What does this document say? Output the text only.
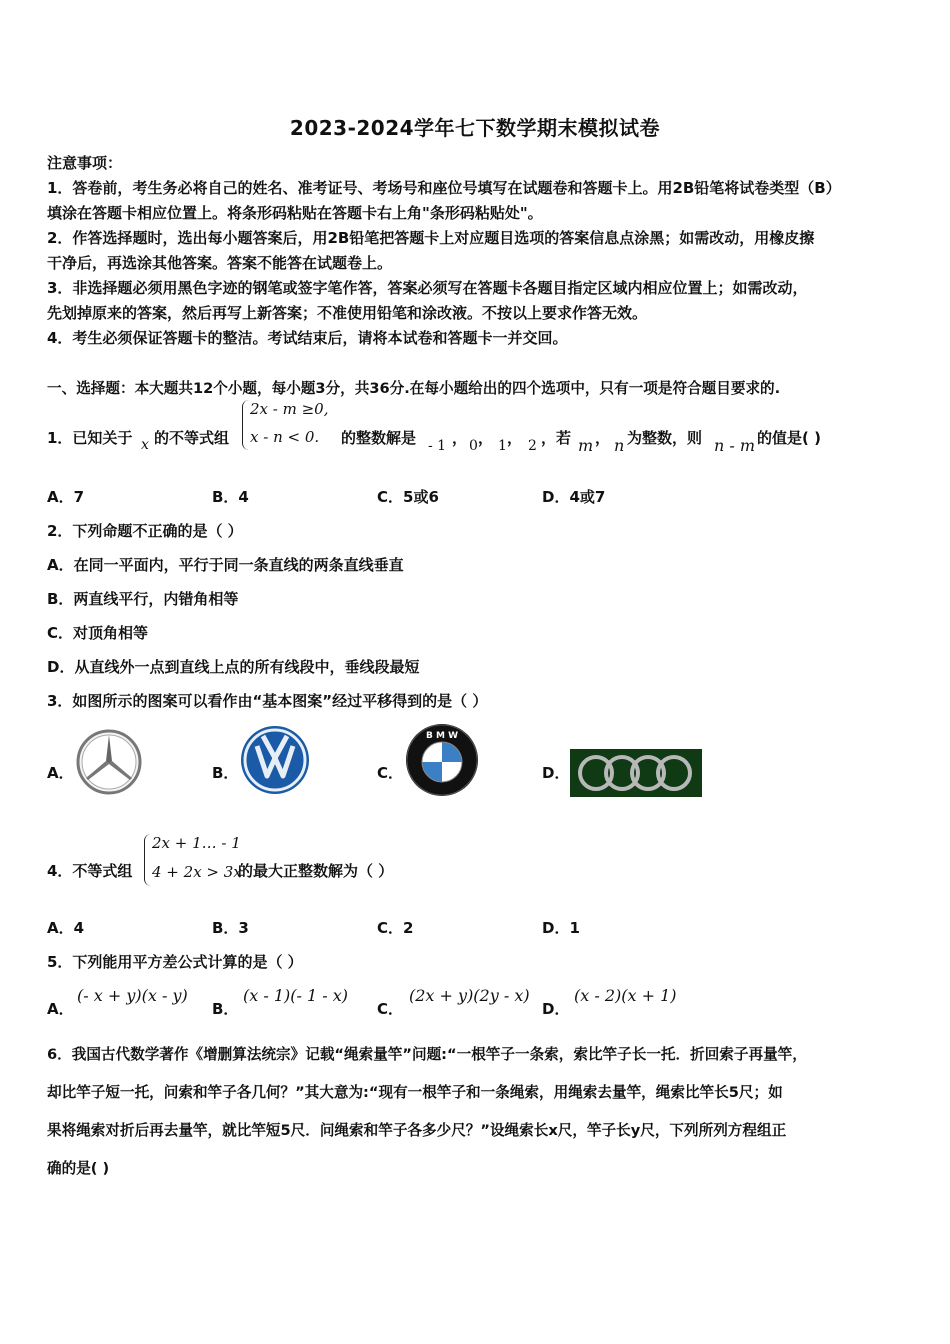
2023-2024学年七下数学期末模拟试卷
注意事项：
1．答卷前，考生务必将自己的姓名、准考证号、考场号和座位号填写在试题卷和答题卡上。用2B铅笔将试卷类型（B）
填涂在答题卡相应位置上。将条形码粘贴在答题卡右上角"条形码粘贴处"。
2．作答选择题时，选出每小题答案后，用2B铅笔把答题卡上对应题目选项的答案信息点涂黑；如需改动，用橡皮擦
干净后，再选涂其他答案。答案不能答在试题卷上。
3．非选择题必须用黑色字迹的钢笔或签字笔作答，答案必须写在答题卡各题目指定区域内相应位置上；如需改动，
先划掉原来的答案，然后再写上新答案；不准使用铅笔和涂改液。不按以上要求作答无效。
4．考生必须保证答题卡的整洁。考试结束后，请将本试卷和答题卡一并交回。
一、选择题：本大题共12个小题，每小题3分，共36分.在每小题给出的四个选项中，只有一项是符合题目要求的.
1．已知关于 x 的不等式组
2x - m ≥0,
x - n < 0. 的整数解是 - 1 ， 0 ， 1 ， 2 ，若 m ， n 为整数，则 n - m 的值是( )
A．7	B．4	C．5或6	D．4或7
2．下列命题不正确的是（ ）
A．在同一平面内，平行于同一条直线的两条直线垂直
B．两直线平行，内错角相等
C．对顶角相等
D．从直线外一点到直线上点的所有线段中，垂线段最短
3．如图所示的图案可以看作由“基本图案”经过平移得到的是（ ）
A．	B．	C．
B M W
D．
4．不等式组
2x + 1… - 1
4 + 2x > 3x
的最大正整数解为（ ）
A．4	B．3	C．2	D．1
5．下列能用平方差公式计算的是（ ）
A．
(- x + y)(x - y)
B．
(x - 1)(- 1 - x)
C．
(2x + y)(2y - x)
D．
(x - 2)(x + 1)
6．我国古代数学著作《增删算法统宗》记载“绳索量竿”问题:“一根竿子一条索，索比竿子长一托．折回索子再量竿，
却比竿子短一托，问索和竿子各几何？”其大意为:“现有一根竿子和一条绳索，用绳索去量竿，绳索比竿长5尺；如
果将绳索对折后再去量竿，就比竿短5尺．问绳索和竿子各多少尺？”设绳索长x尺，竿子长y尺，下列所列方程组正
确的是( )
